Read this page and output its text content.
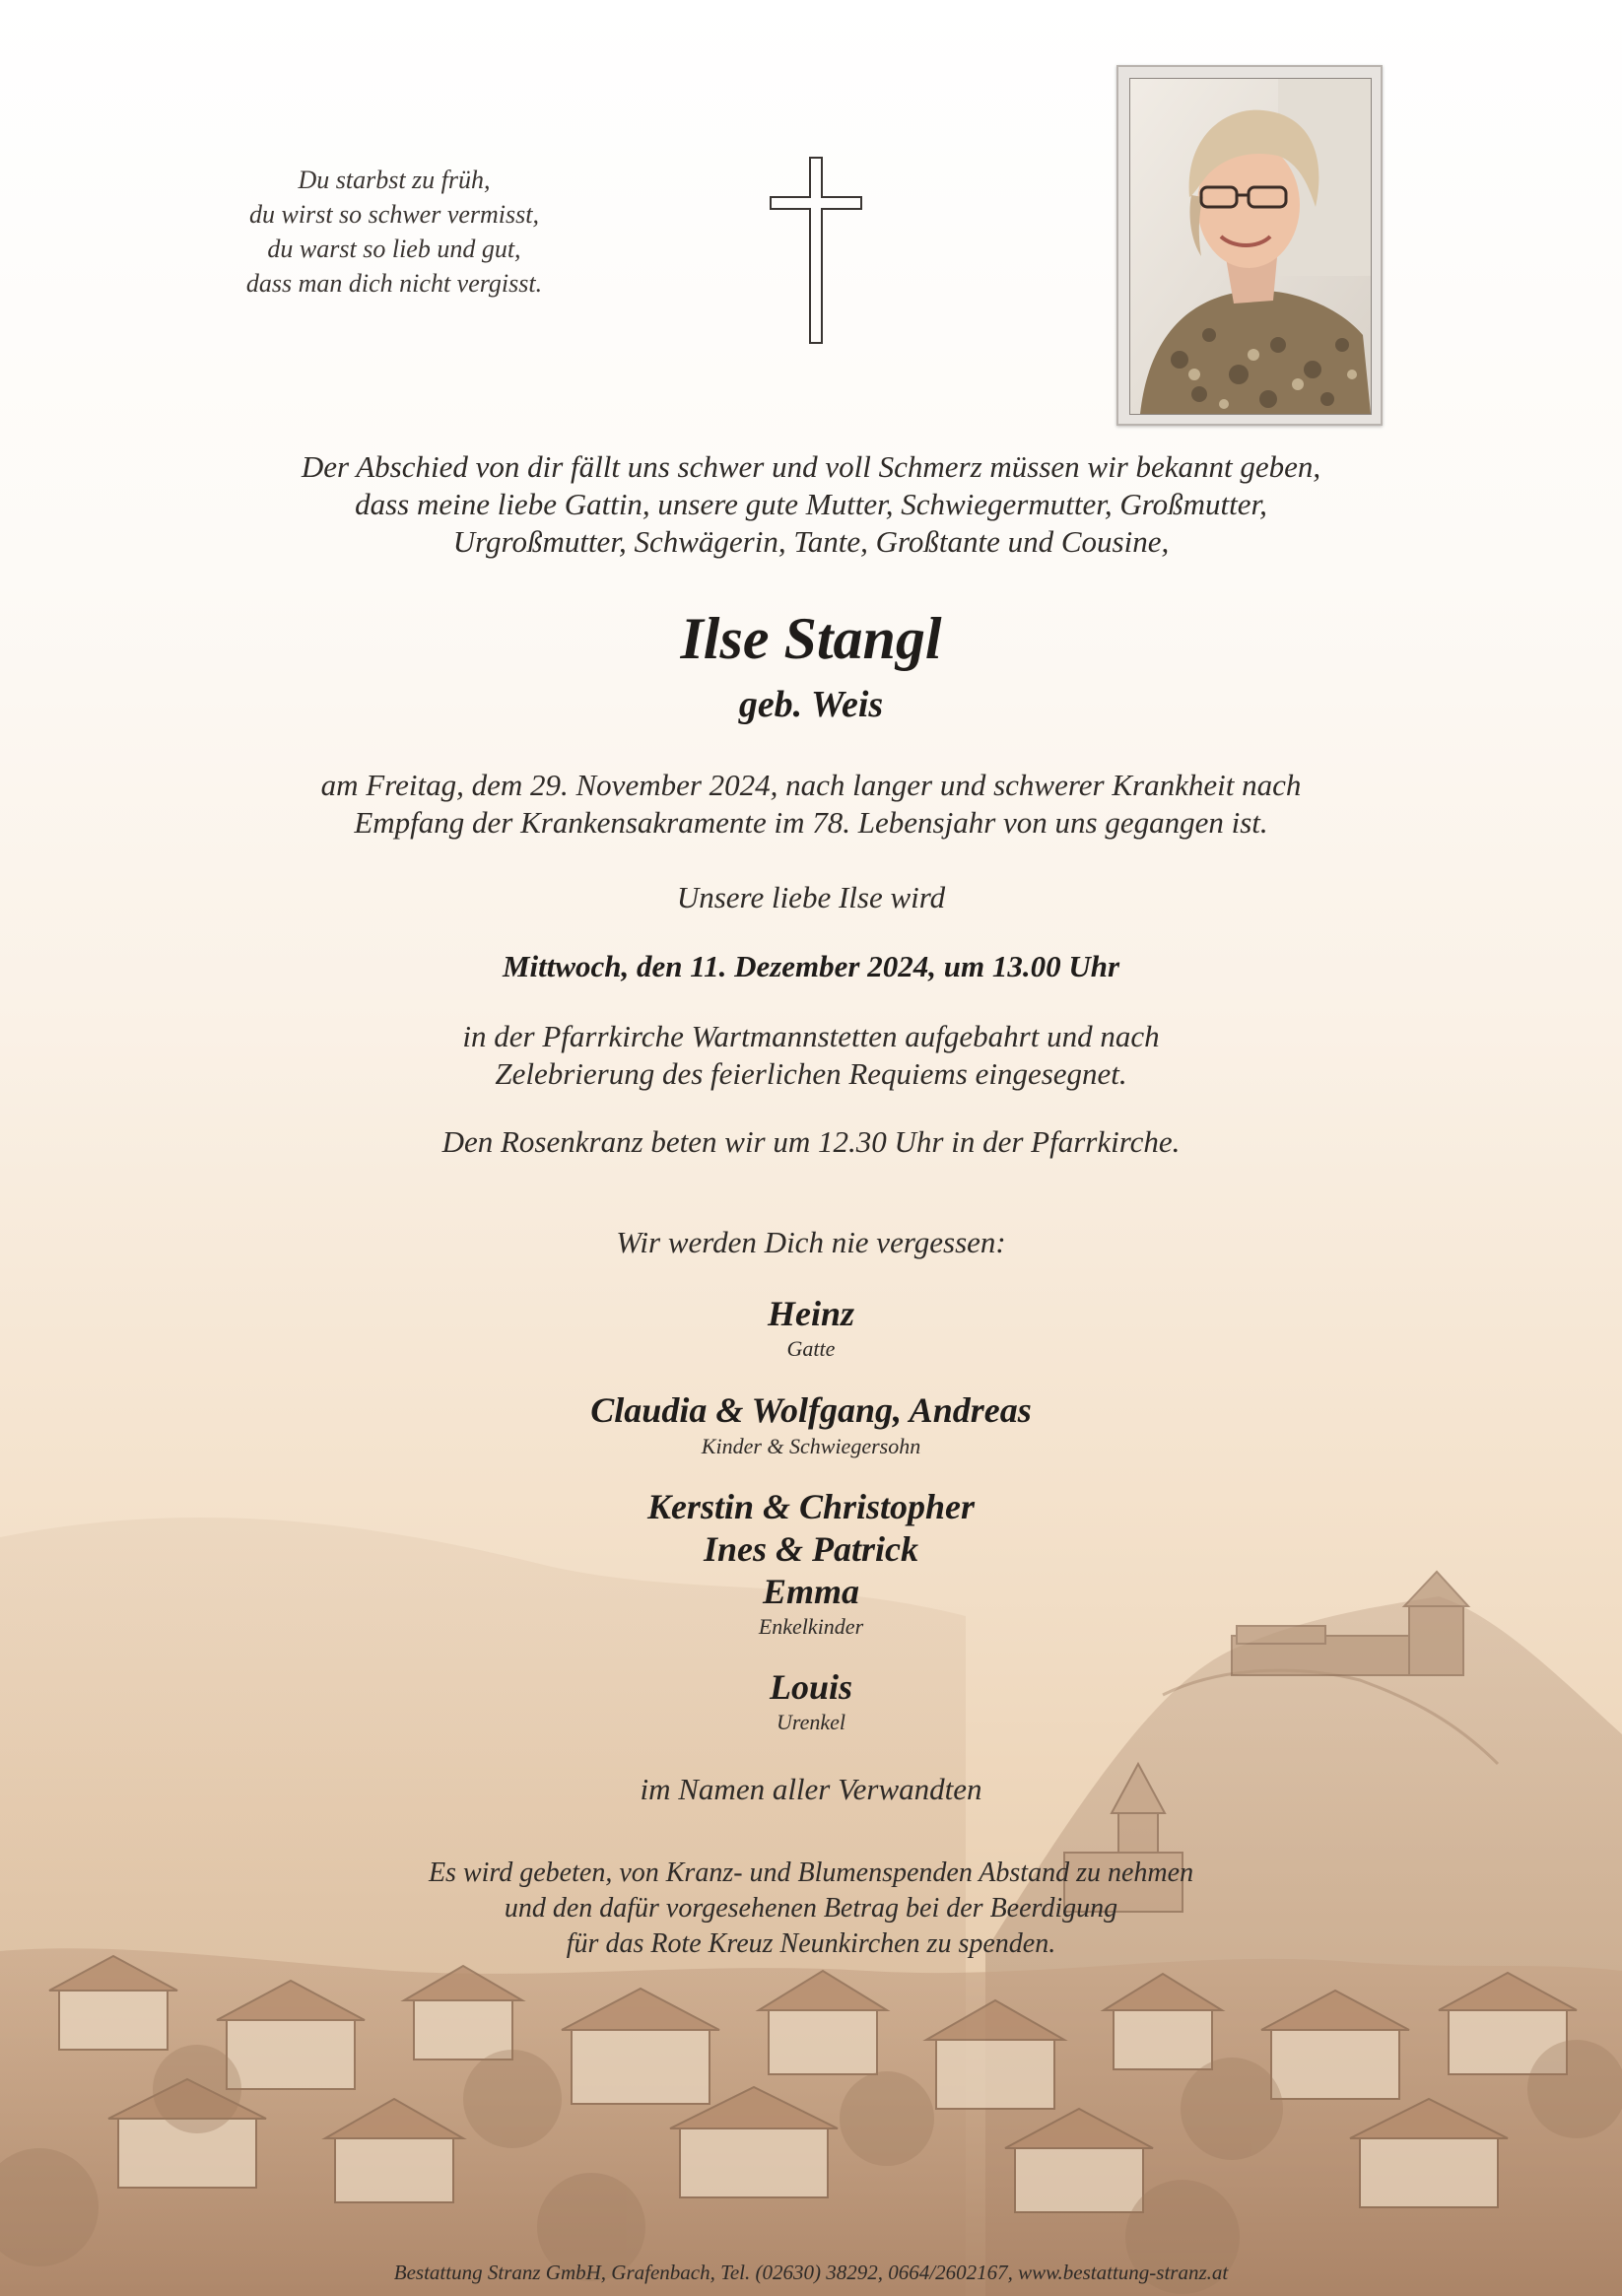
Du starbst zu früh,
du wirst so schwer vermisst,
du warst so lieb und gut,
dass man dich nicht vergisst.
Der Abschied von dir fällt uns schwer und voll Schmerz müssen wir bekannt geben,
dass meine liebe Gattin, unsere gute Mutter, Schwiegermutter, Großmutter,
Urgroßmutter, Schwägerin, Tante, Großtante und Cousine,
Ilse Stangl
geb. Weis
am Freitag, dem 29. November 2024, nach langer und schwerer Krankheit nach
Empfang der Krankensakramente im 78. Lebensjahr von uns gegangen ist.
Unsere liebe Ilse wird
Mittwoch, den 11. Dezember 2024, um 13.00 Uhr
in der Pfarrkirche Wartmannstetten aufgebahrt und nach
Zelebrierung des feierlichen Requiems eingesegnet.
Den Rosenkranz beten wir um 12.30 Uhr in der Pfarrkirche.
Wir werden Dich nie vergessen:
Heinz
Gatte
Claudia & Wolfgang, Andreas
Kinder & Schwiegersohn
Kerstin & Christopher
Ines & Patrick
Emma
Enkelkinder
Louis
Urenkel
im Namen aller Verwandten
Es wird gebeten, von Kranz- und Blumenspenden Abstand zu nehmen
und den dafür vorgesehenen Betrag bei der Beerdigung
für das Rote Kreuz Neunkirchen zu spenden.
Bestattung Stranz GmbH, Grafenbach, Tel. (02630) 38292, 0664/2602167, www.bestattung-stranz.at
